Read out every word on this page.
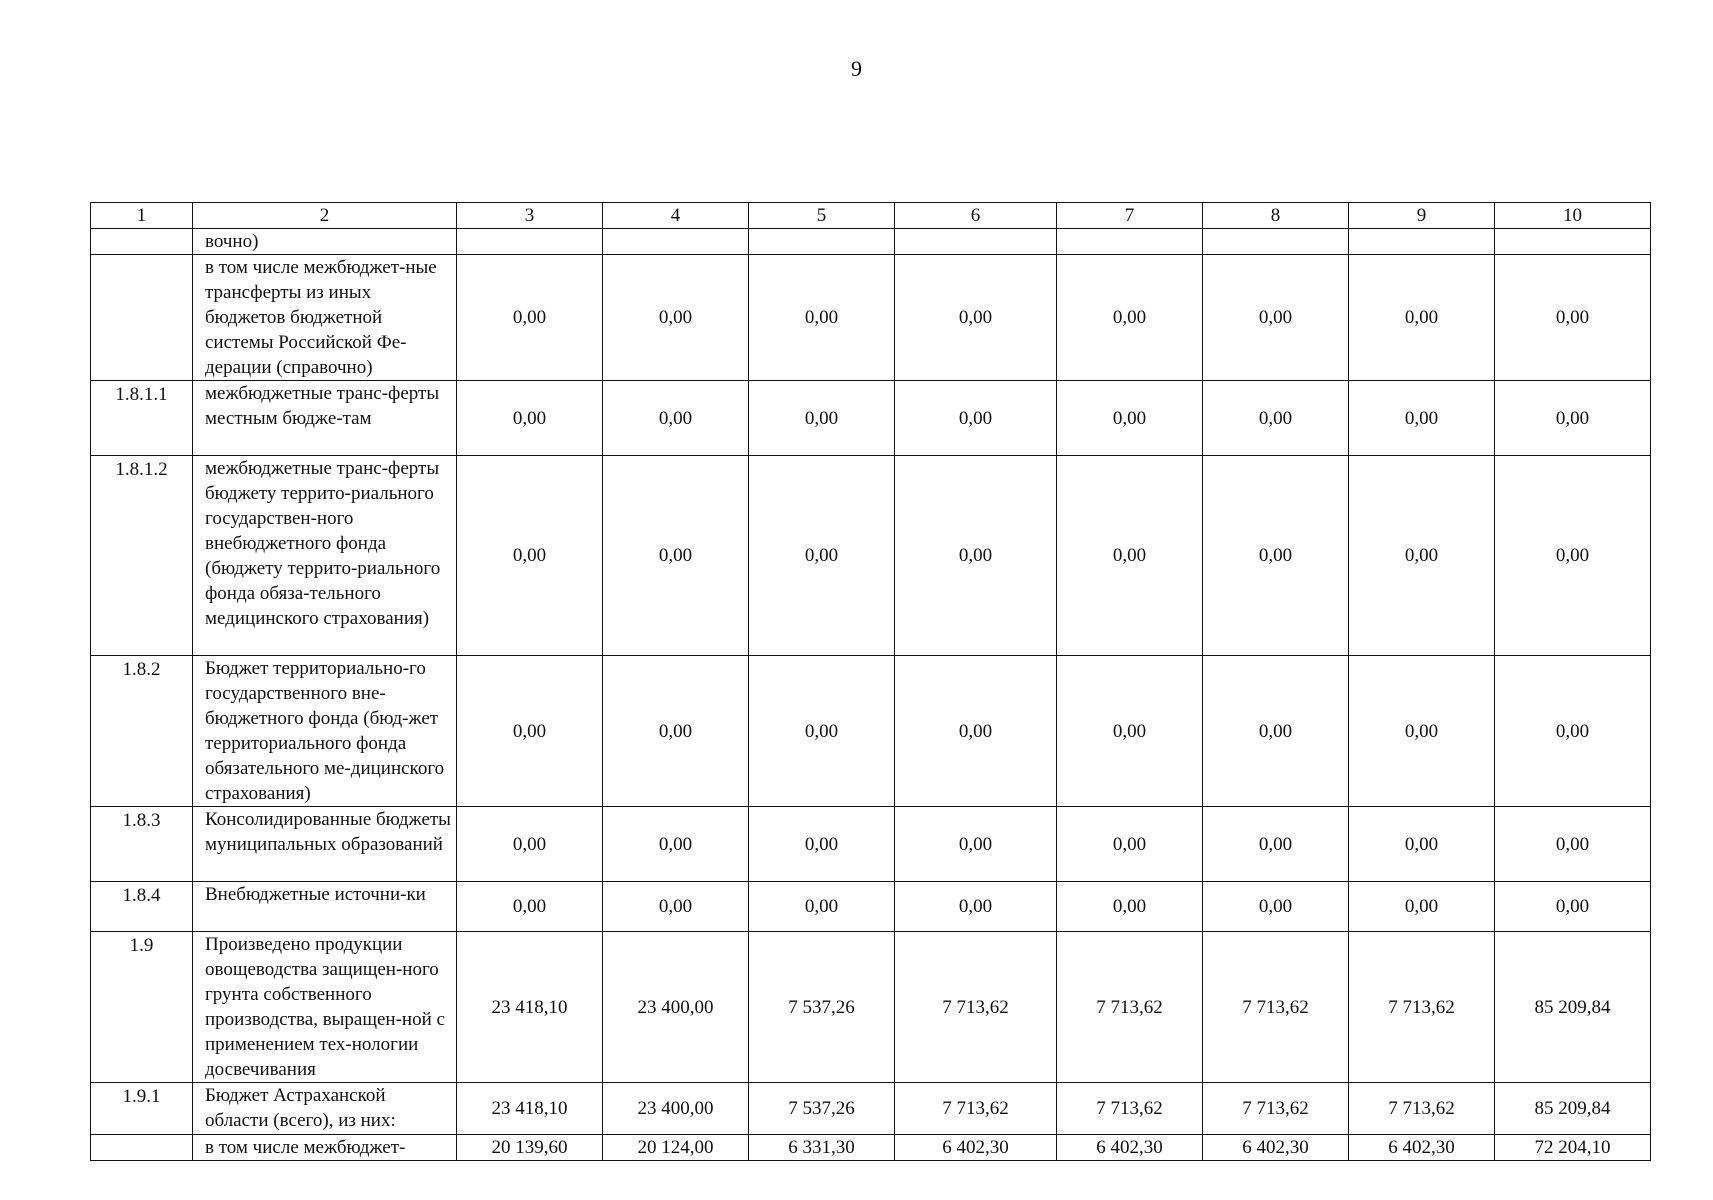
9
1	2	3	4	5	6	7	8	9	10
	вочно)								
	в том числе межбюджет-ные трансферты из иных бюджетов бюджетной системы Российской Фе-дерации (справочно)	0,00	0,00	0,00	0,00	0,00	0,00	0,00	0,00
1.8.1.1	межбюджетные транс-ферты местным бюдже-там	0,00	0,00	0,00	0,00	0,00	0,00	0,00	0,00
1.8.1.2	межбюджетные транс-ферты бюджету террито-риального государствен-ного внебюджетного фонда (бюджету террито-риального фонда обяза-тельного медицинского страхования)	0,00	0,00	0,00	0,00	0,00	0,00	0,00	0,00
1.8.2	Бюджет территориально-го государственного вне-бюджетного фонда (бюд-жет территориального фонда обязательного ме-дицинского страхования)	0,00	0,00	0,00	0,00	0,00	0,00	0,00	0,00
1.8.3	Консолидированные бюджеты муниципальных образований	0,00	0,00	0,00	0,00	0,00	0,00	0,00	0,00
1.8.4	Внебюджетные источни-ки	0,00	0,00	0,00	0,00	0,00	0,00	0,00	0,00
1.9	Произведено продукции овощеводства защищен-ного грунта собственного производства, выращен-ной с применением тех-нологии досвечивания	23 418,10	23 400,00	7 537,26	7 713,62	7 713,62	7 713,62	7 713,62	85 209,84
1.9.1	Бюджет Астраханской области (всего), из них:	23 418,10	23 400,00	7 537,26	7 713,62	7 713,62	7 713,62	7 713,62	85 209,84
	в том числе межбюджет-	20 139,60	20 124,00	6 331,30	6 402,30	6 402,30	6 402,30	6 402,30	72 204,10
